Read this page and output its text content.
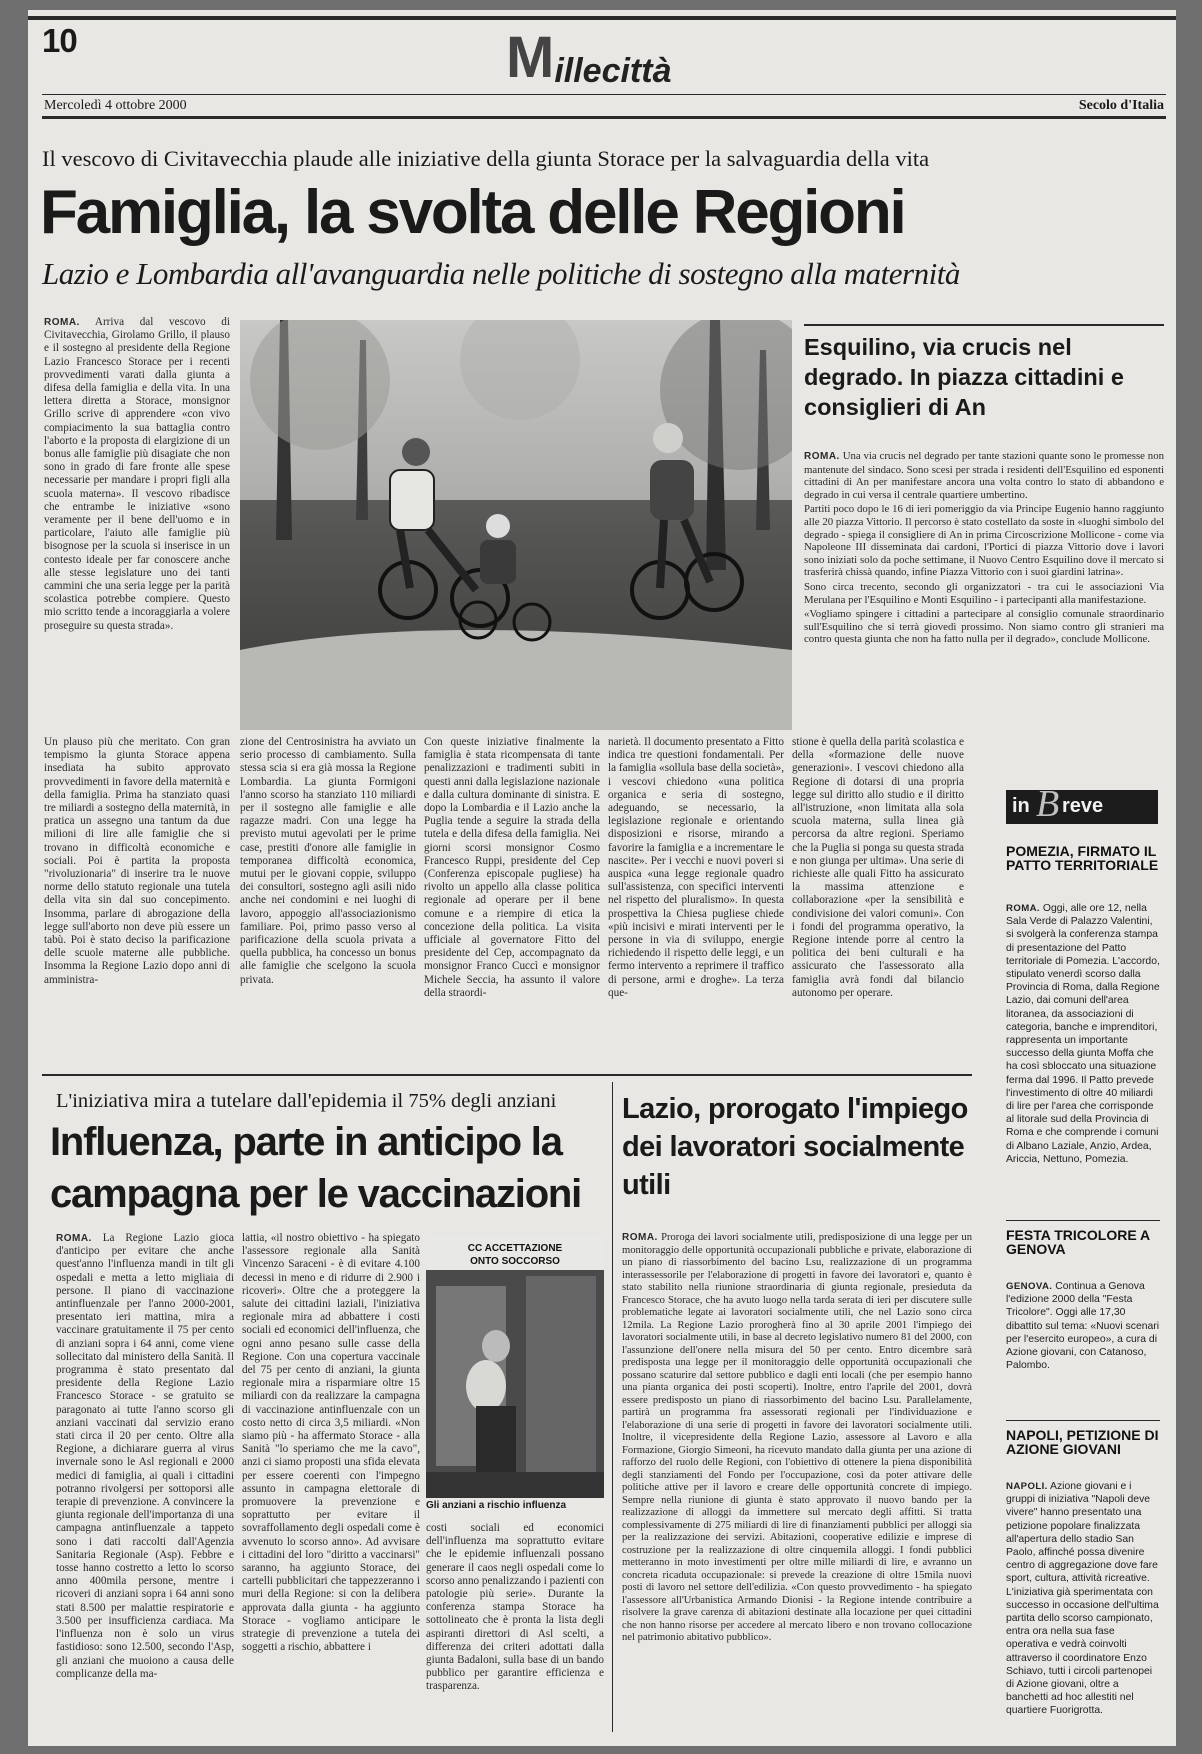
10	Millecittà
Mercoledì 4 ottobre 2000	Secolo d'Italia
Il vescovo di Civitavecchia plaude alle iniziative della giunta Storace per la salvaguardia della vita
Famiglia, la svolta delle Regioni
Lazio e Lombardia all'avanguardia nelle politiche di sostegno alla maternità

ROMA. Arriva dal vescovo di Civitavecchia, Girolamo Grillo, il plauso e il sostegno al presidente della Regione Lazio Francesco Storace per i recenti provvedimenti varati dalla giunta a difesa della famiglia e della vita. In una lettera diretta a Storace, monsignor Grillo scrive di apprendere «con vivo compiacimento la sua battaglia contro l'aborto e la proposta di elargizione di un bonus alle famiglie più disagiate che non sono in grado di fare fronte alle spese necessarie per mandare i propri figli alla scuola materna». Il vescovo ribadisce che entrambe le iniziative «sono veramente per il bene dell'uomo e in particolare, l'aiuto alle famiglie più bisognose per la scuola si inserisce in un contesto ideale per far conoscere anche alle stesse legislature uno dei tanti cammini che una seria legge per la parità scolastica potrebbe compiere. Questo mio scritto tende a incoraggiarla a volere proseguire su questa strada».

Un plauso più che meritato. Con gran tempismo la giunta Storace appena insediata ha subito approvato provvedimenti in favore della maternità e della famiglia. Prima ha stanziato quasi tre miliardi a sostegno della maternità, in pratica un assegno una tantum da due milioni di lire alle famiglie che si trovano in difficoltà economiche e sociali. Poi è partita la proposta "rivoluzionaria" di inserire tra le nuove norme dello statuto regionale una tutela della vita sin dal suo concepimento. Insomma, parlare di abrogazione della legge sull'aborto non deve più essere un tabù. Poi è stato deciso la parificazione delle scuole materne alle pubbliche. Insomma la Regione Lazio dopo anni di amministra-

zione del Centrosinistra ha avviato un serio processo di cambiamento. Sulla stessa scia si era già mossa la Regione Lombardia. La giunta Formigoni l'anno scorso ha stanziato 110 miliardi per il sostegno alle famiglie e alle ragazze madri. Con una legge ha previsto mutui agevolati per le prime case, prestiti d'onore alle famiglie in temporanea difficoltà economica, mutui per le giovani coppie, sviluppo dei consultori, sostegno agli asili nido anche nei condomini e nei luoghi di lavoro, appoggio all'associazionismo familiare. Poi, primo passo verso al parificazione della scuola privata a quella pubblica, ha concesso un bonus alle famiglie che scelgono la scuola privata.

Con queste iniziative finalmente la famiglia è stata ricompensata di tante penalizzazioni e tradimenti subiti in questi anni dalla legislazione nazionale e dalla cultura dominante di sinistra. E dopo la Lombardia e il Lazio anche la Puglia tende a seguire la strada della tutela e della difesa della famiglia. Nei giorni scorsi monsignor Cosmo Francesco Ruppi, presidente del Cep (Conferenza episcopale pugliese) ha rivolto un appello alla classe politica regionale ad operare per il bene comune e a riempire di etica la concezione della politica. La visita ufficiale al governatore Fitto del presidente del Cep, accompagnato da monsignor Franco Cuccì e monsignor Michele Seccia, ha assunto il valore della straordi-

narietà. Il documento presentato a Fitto indica tre questioni fondamentali. Per la famiglia «sollula base della società», i vescovi chiedono «una politica organica e seria di sostegno, adeguando, se necessario, la legislazione regionale e orientando disposizioni e risorse, mirando a favorire la famiglia e a incrementare le nascite». Per i vecchi e nuovi poveri si auspica «una legge regionale quadro sull'assistenza, con specifici interventi nel rispetto del pluralismo». In questa prospettiva la Chiesa pugliese chiede «più incisivi e mirati interventi per le persone in via di sviluppo, energie richiedendo il rispetto delle leggi, e un fermo intervento a reprimere il traffico di persone, armi e droghe». La terza que-

stione è quella della parità scolastica e della «formazione delle nuove generazioni». I vescovi chiedono alla Regione di dotarsi di una propria legge sul diritto allo studio e il diritto all'istruzione, «non limitata alla sola scuola materna, sulla linea già percorsa da altre regioni. Speriamo che la Puglia si ponga su questa strada e non giunga per ultima». Una serie di richieste alle quali Fitto ha assicurato la massima attenzione e collaborazione «per la sensibilità e condivisione dei valori comuni». Con i fondi del programma operativo, la Regione intende porre al centro la politica dei beni culturali e ha assicurato che l'assessorato alla famiglia avrà fondi dal bilancio autonomo per operare.

Esquilino, via crucis nel degrado. In piazza cittadini e consiglieri di An

ROMA. Una via crucis nel degrado per tante stazioni quante sono le promesse non mantenute del sindaco. Sono scesi per strada i residenti dell'Esquilino ed esponenti cittadini di An per manifestare ancora una volta contro lo stato di abbandono e degrado in cui versa il centrale quartiere umbertino.

Partiti poco dopo le 16 di ieri pomeriggio da via Principe Eugenio hanno raggiunto alle 20 piazza Vittorio. Il percorso è stato costellato da soste in «luoghi simbolo del degrado - spiega il consigliere di An in prima Circoscrizione Mollicone - come via Napoleone III disseminata dai cardoni, l'Portici di piazza Vittorio dove i lavori sono iniziati solo da poche settimane, il Nuovo Centro Esquilino dove il mercato si trasferirà chissà quando, infine Piazza Vittorio con i suoi giardini latrina».

Sono circa trecento, secondo gli organizzatori - tra cui le associazioni Via Merulana per l'Esquilino e Monti Esquilino - i partecipanti alla manifestazione.

«Vogliamo spingere i cittadini a partecipare al consiglio comunale straordinario sull'Esquilino che si terrà giovedì prossimo. Non siamo contro gli stranieri ma contro questa giunta che non ha fatto nulla per il degrado», conclude Mollicone.

L'iniziativa mira a tutelare dall'epidemia il 75% degli anziani
Influenza, parte in anticipo la campagna per le vaccinazioni

ROMA. La Regione Lazio gioca d'anticipo per evitare che anche quest'anno l'influenza mandi in tilt gli ospedali e metta a letto migliaia di persone. Il piano di vaccinazione antinfluenzale per l'anno 2000-2001, presentato ieri mattina, mira a vaccinare gratuitamente il 75 per cento di anziani sopra i 64 anni, come viene sollecitato dal ministero della Sanità. Il programma è stato presentato dal presidente della Regione Lazio Francesco Storace - se gratuito se paragonato ai tutte l'anno scorso gli anziani vaccinati dal servizio erano stati circa il 20 per cento. Oltre alla Regione, a dichiarare guerra al virus invernale sono le Asl regionali e 2000 medici di famiglia, ai quali i cittadini potranno rivolgersi per sottoporsi alle terapie di prevenzione. A convincere la giunta regionale dell'importanza di una campagna antinfluenzale a tappeto sono i dati raccolti dall'Agenzia Sanitaria Regionale (Asp). Febbre e tosse hanno costretto a letto lo scorso anno 400mila persone, mentre i ricoveri di anziani sopra i 64 anni sono stati 8.500 per malattie respiratorie e 3.500 per insufficienza cardiaca. Ma l'influenza non è solo un virus fastidioso: sono 12.500, secondo l'Asp, gli anziani che muoiono a causa delle complicanze della ma-

lattia, «il nostro obiettivo - ha spiegato l'assessore regionale alla Sanità Vincenzo Saraceni - è di evitare 4.100 decessi in meno e di ridurre di 2.900 i ricoveri». Oltre che a proteggere la salute dei cittadini laziali, l'iniziativa regionale mira ad abbattere i costi sociali ed economici dell'influenza, che ogni anno pesano sulle casse della Regione. Con una copertura vaccinale del 75 per cento di anziani, la giunta regionale mira a risparmiare oltre 15 miliardi con da realizzare la campagna di vaccinazione antinfluenzale con un costo netto di circa 3,5 miliardi. «Non siamo più - ha affermato Storace - alla Sanità "lo speriamo che me la cavo", anzi ci siamo proposti una sfida elevata per essere coerenti con l'impegno assunto in campagna elettorale di promuovere la prevenzione e soprattutto per evitare il sovraffollamento degli ospedali come è avvenuto lo scorso anno». Ad avvisare i cittadini del loro "diritto a vaccinarsi" saranno, ha aggiunto Storace, dei cartelli pubblicitari che tappezzeranno i muri della Regione: si con la delibera approvata dalla giunta - ha aggiunto Storace - vogliamo anticipare le strategie di prevenzione a tutela dei soggetti a rischio, abbattere i

CC ACCETTAZIONE
ONTO SOCCORSO
Gli anziani a rischio influenza

costi sociali ed economici dell'influenza ma soprattutto evitare che le epidemie influenzali possano generare il caos negli ospedali come lo scorso anno penalizzando i pazienti con patologie più serie». Durante la conferenza stampa Storace ha sottolineato che è pronta la lista degli aspiranti direttori di Asl scelti, a differenza dei criteri adottati dalla giunta Badaloni, sulla base di un bando pubblico per garantire efficienza e trasparenza.

Lazio, prorogato l'impiego dei lavoratori socialmente utili

ROMA. Proroga dei lavori socialmente utili, predisposizione di una legge per un monitoraggio delle opportunità occupazionali pubbliche e private, elaborazione di un piano di riassorbimento del bacino Lsu, realizzazione di un programma interassessorile per l'elaborazione di progetti in favore dei lavoratori e, quanto è stato stabilito nella riunione straordinaria di giunta regionale, presieduta da Francesco Storace, che ha avuto luogo nella tarda serata di ieri per discutere sulle problematiche legate ai lavoratori socialmente utili, che nel Lazio sono circa 12mila. La Regione Lazio prorogherà fino al 30 aprile 2001 l'impiego dei lavoratori socialmente utili, in base al decreto legislativo numero 81 del 2000, con l'assunzione dell'onere nella misura del 50 per cento. Entro dicembre sarà predisposta una legge per il monitoraggio delle opportunità occupazionali che possano scaturire dal settore pubblico e dagli enti locali (che per esempio hanno una pianta organica dei posti scoperti). Inoltre, entro l'aprile del 2001, dovrà essere predisposto un piano di riassorbimento del bacino Lsu. Parallelamente, partirà un programma fra assessorati regionali per l'individuazione e l'elaborazione di una serie di progetti in favore dei lavoratori socialmente utili. Inoltre, il vicepresidente della Regione Lazio, assessore al Lavoro e alla Formazione, Giorgio Simeoni, ha ricevuto mandato dalla giunta per una azione di rafforzo del ruolo delle Regioni, con l'obiettivo di ottenere la piena disponibilità degli stanziamenti del Fondo per l'occupazione, così da poter attivare delle politiche attive per il lavoro e creare delle opportunità concrete di impiego. Sempre nella riunione di giunta è stato approvato il nuovo bando per la realizzazione di alloggi da immettere sul mercato degli affitti. Si tratta complessivamente di 275 miliardi di lire di finanziamenti pubblici per alloggi sia per la realizzazione dei servizi. Abitazioni, cooperative edilizie e imprese di costruzione per la realizzazione di oltre cinquemila alloggi. I fondi pubblici metteranno in moto investimenti per oltre mille miliardi di lire, e avranno un concreta ricaduta occupazionale: si prevede la creazione di oltre 15mila nuovi posti di lavoro nel settore dell'edilizia. «Con questo provvedimento - ha spiegato l'assessore all'Urbanistica Armando Dionisi - la Regione intende contribuire a risolvere la grave carenza di abitazioni destinate alla locazione per quei cittadini che non hanno risorse per accedere al mercato libero e non trovano collocazione nel patrimonio abitativo pubblico».

in B reve
POMEZIA, FIRMATO IL PATTO TERRITORIALE
ROMA. Oggi, alle ore 12, nella Sala Verde di Palazzo Valentini, si svolgerà la conferenza stampa di presentazione del Patto territoriale di Pomezia. L'accordo, stipulato venerdì scorso dalla Provincia di Roma, dalla Regione Lazio, dai comuni dell'area litoranea, da associazioni di categoria, banche e imprenditori, rappresenta un importante successo della giunta Moffa che ha così sbloccato una situazione ferma dal 1996. Il Patto prevede l'investimento di oltre 40 miliardi di lire per l'area che corrisponde al litorale sud della Provincia di Roma e che comprende i comuni di Albano Laziale, Anzio, Ardea, Ariccia, Nettuno, Pomezia.
FESTA TRICOLORE A GENOVA
GENOVA. Continua a Genova l'edizione 2000 della "Festa Tricolore". Oggi alle 17,30 dibattito sul tema: «Nuovi scenari per l'esercito europeo», a cura di Azione giovani, con Catanoso, Palombo.
NAPOLI, PETIZIONE DI AZIONE GIOVANI
NAPOLI. Azione giovani e i gruppi di iniziativa "Napoli deve vivere" hanno presentato una petizione popolare finalizzata all'apertura dello stadio San Paolo, affinché possa divenire centro di aggregazione dove fare sport, cultura, attività ricreative. L'iniziativa già sperimentata con successo in occasione dell'ultima partita dello scorso campionato, entra ora nella sua fase operativa e vedrà coinvolti attraverso il coordinatore Enzo Schiavo, tutti i circoli partenopei di Azione giovani, oltre a banchetti ad hoc allestiti nel quartiere Fuorigrotta.
